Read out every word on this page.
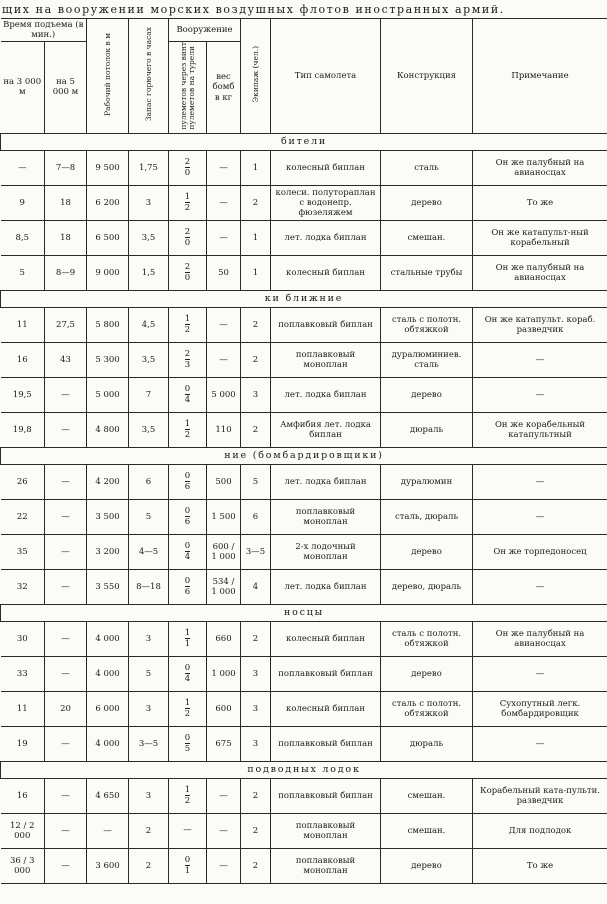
щих на вооружении морских воздушных флотов иностранных армий.
Время подъема (в мин.)		Рабочий потолок в м	Запас горючего в часах	Вооружение		Экипаж (чел.)	Тип самолета	Конструкция	Примечание
на 3 000 м	на 5 000 м			пулеметов через винтпулеметов на турели	вес бомб в кг				
бители									
—	7—8	9 500	1,75	$\frac{2}{0}$	—	1	колесный биплан	сталь	Он же палубный на авианосцах
9	18	6 200	3	$\frac{1}{2}$	—	2	колеси. полуторaплан с водонепр. фюзеляжем	дерево	То же
8,5	18	6 500	3,5	$\frac{2}{0}$	—	1	лет. лодка биплан	смешан.	Он же катапульт-ный корабельный
5	8—9	9 000	1,5	$\frac{2}{0}$	50	1	колесный биплан	стальные трубы	Он же палубный на авианосцах
ки ближние									
11	27,5	5 800	4,5	$\frac{1}{2}$	—	2	поплавковый биплан	сталь с полотн. обтяжкой	Он же катапульт. кораб. разведчик
16	43	5 300	3,5	$\frac{2}{3}$	—	2	поплавковый моноплан	дуралюминиев. сталь	—
19,5	—	5 000	7	$\frac{0}{4}$	5 000	3	лет. лодка биплан	дерево	—
19,8	—	4 800	3,5	$\frac{1}{2}$	110	2	Амфибия лет. лодка биплан	дюраль	Он же корабельный катапультный
ние (бомбардировщики)									
26	—	4 200	6	$\frac{0}{6}$	500	5	лет. лодка биплан	дуралюмин	—
22	—	3 500	5	$\frac{0}{6}$	1 500	6	поплавковый моноплан	сталь, дюраль	—
35	—	3 200	4—5	$\frac{0}{4}$	600 / 1 000	3—5	2-х лодочный моноплан	дерево	Он же торпедоносец
32	—	3 550	8—18	$\frac{0}{6}$	534 / 1 000	4	лет. лодка биплан	дерево, дюраль	—
носцы									
30	—	4 000	3	$\frac{1}{1}$	660	2	колесный биплан	сталь с полотн. обтяжкой	Он же палубный на авианосцах
33	—	4 000	5	$\frac{0}{4}$	1 000	3	поплавковый биплан	дерево	—
11	20	6 000	3	$\frac{1}{2}$	600	3	колесный биплан	сталь с полотн. обтяжкой	Сухопутный легк. бомбардировщик
19	—	4 000	3—5	$\frac{0}{5}$	675	3	поплавковый биплан	дюраль	—
подводных лодок									
16	—	4 650	3	$\frac{1}{2}$	—	2	поплавковый биплан	смешан.	Корабельный ката-пульти. разведчик
12 / 2 000	—	—	2	—	—	2	поплавковый моноплан	смешан.	Для подлодок
36 / 3 000	—	3 600	2	$\frac{0}{1}$	—	2	поплавковый моноплан	дерево	То же
